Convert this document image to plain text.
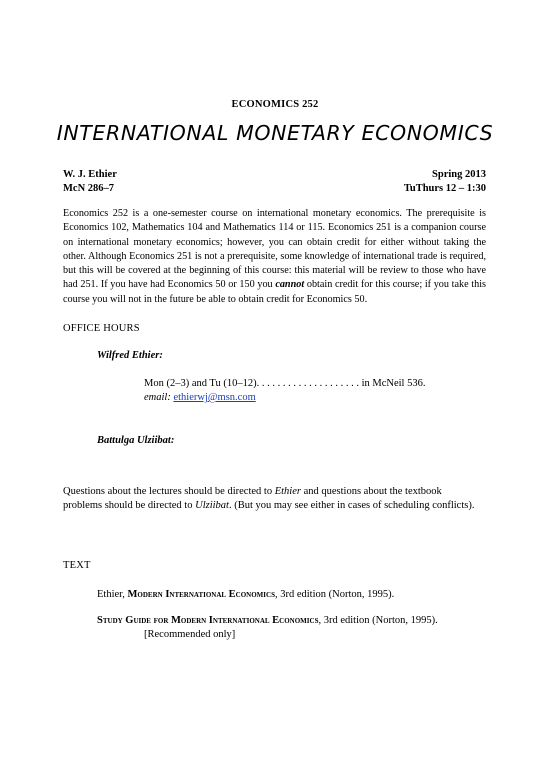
ECONOMICS 252
INTERNATIONAL MONETARY ECONOMICS
W. J. Ethier	Spring 2013
McN 286–7	TuThurs 12 – 1:30
Economics 252 is a one-semester course on international monetary economics. The prerequisite is Economics 102, Mathematics 104 and Mathematics 114 or 115. Economics 251 is a companion course on international monetary economics; however, you can obtain credit for either without taking the other. Although Economics 251 is not a prerequisite, some knowledge of international trade is required, but this will be covered at the beginning of this course: this material will be review to those who have had 251. If you have had Economics 50 or 150 you cannot obtain credit for this course; if you take this course you will not in the future be able to obtain credit for Economics 50.
OFFICE HOURS
Wilfred Ethier:
Mon (2–3) and Tu (10–12). . . . . . . . . . . . . . . . . . . . in McNeil 536.
email: ethierwj@msn.com
Battulga Ulziibat:
Questions about the lectures should be directed to Ethier and questions about the textbook problems should be directed to Ulziibat. (But you may see either in cases of scheduling conflicts).
TEXT
Ethier, Modern International Economics, 3rd edition (Norton, 1995).
Study Guide for Modern International Economics, 3rd edition (Norton, 1995).
[Recommended only]
